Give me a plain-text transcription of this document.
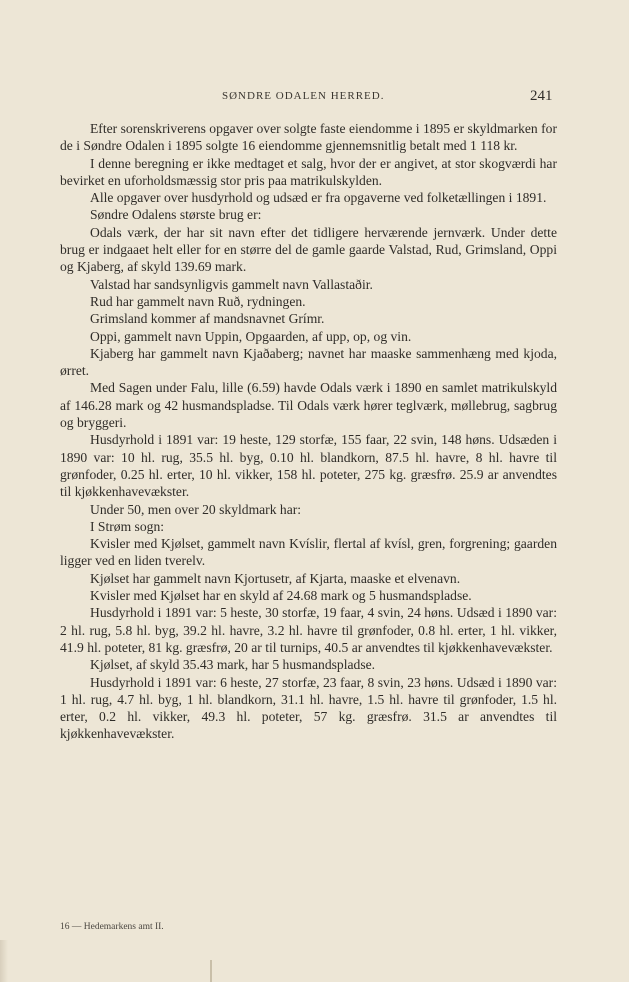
SØNDRE ODALEN HERRED.	241

Efter sorenskriverens opgaver over solgte faste eiendomme i 1895 er skyldmarken for de i Søndre Odalen i 1895 solgte 16 eiendomme gjennemsnitlig betalt med 1 118 kr.

I denne beregning er ikke medtaget et salg, hvor der er angivet, at stor skogværdi har bevirket en uforholdsmæssig stor pris paa matrikulskylden.

Alle opgaver over husdyrhold og udsæd er fra opgaverne ved folketællingen i 1891.

Søndre Odalens største brug er:

Odals værk, der har sit navn efter det tidligere herværende jernværk. Under dette brug er indgaaet helt eller for en større del de gamle gaarde Valstad, Rud, Grimsland, Oppi og Kjaberg, af skyld 139.69 mark.

Valstad har sandsynligvis gammelt navn Vallastaðir.

Rud har gammelt navn Ruð, rydningen.

Grimsland kommer af mandsnavnet Grímr.

Oppi, gammelt navn Uppin, Opgaarden, af upp, op, og vin.

Kjaberg har gammelt navn Kjaðaberg; navnet har maaske sammenhæng med kjoda, ørret.

Med Sagen under Falu, lille (6.59) havde Odals værk i 1890 en samlet matrikulskyld af 146.28 mark og 42 husmandspladse. Til Odals værk hører teglværk, møllebrug, sagbrug og bryggeri.

Husdyrhold i 1891 var: 19 heste, 129 storfæ, 155 faar, 22 svin, 148 høns. Udsæden i 1890 var: 10 hl. rug, 35.5 hl. byg, 0.10 hl. blandkorn, 87.5 hl. havre, 8 hl. havre til grønfoder, 0.25 hl. erter, 10 hl. vikker, 158 hl. poteter, 275 kg. græsfrø. 25.9 ar anvendtes til kjøkkenhavevækster.

Under 50, men over 20 skyldmark har:

I Strøm sogn:

Kvisler med Kjølset, gammelt navn Kvíslir, flertal af kvísl, gren, forgrening; gaarden ligger ved en liden tverelv.

Kjølset har gammelt navn Kjortusetr, af Kjarta, maaske et elvenavn.

Kvisler med Kjølset har en skyld af 24.68 mark og 5 husmandspladse.

Husdyrhold i 1891 var: 5 heste, 30 storfæ, 19 faar, 4 svin, 24 høns. Udsæd i 1890 var: 2 hl. rug, 5.8 hl. byg, 39.2 hl. havre, 3.2 hl. havre til grønfoder, 0.8 hl. erter, 1 hl. vikker, 41.9 hl. poteter, 81 kg. græsfrø, 20 ar til turnips, 40.5 ar anvendtes til kjøkkenhavevækster.

Kjølset, af skyld 35.43 mark, har 5 husmandspladse.

Husdyrhold i 1891 var: 6 heste, 27 storfæ, 23 faar, 8 svin, 23 høns. Udsæd i 1890 var: 1 hl. rug, 4.7 hl. byg, 1 hl. blandkorn, 31.1 hl. havre, 1.5 hl. havre til grønfoder, 1.5 hl. erter, 0.2 hl. vikker, 49.3 hl. poteter, 57 kg. græsfrø. 31.5 ar anvendtes til kjøkkenhavevækster.

16 — Hedemarkens amt II.
